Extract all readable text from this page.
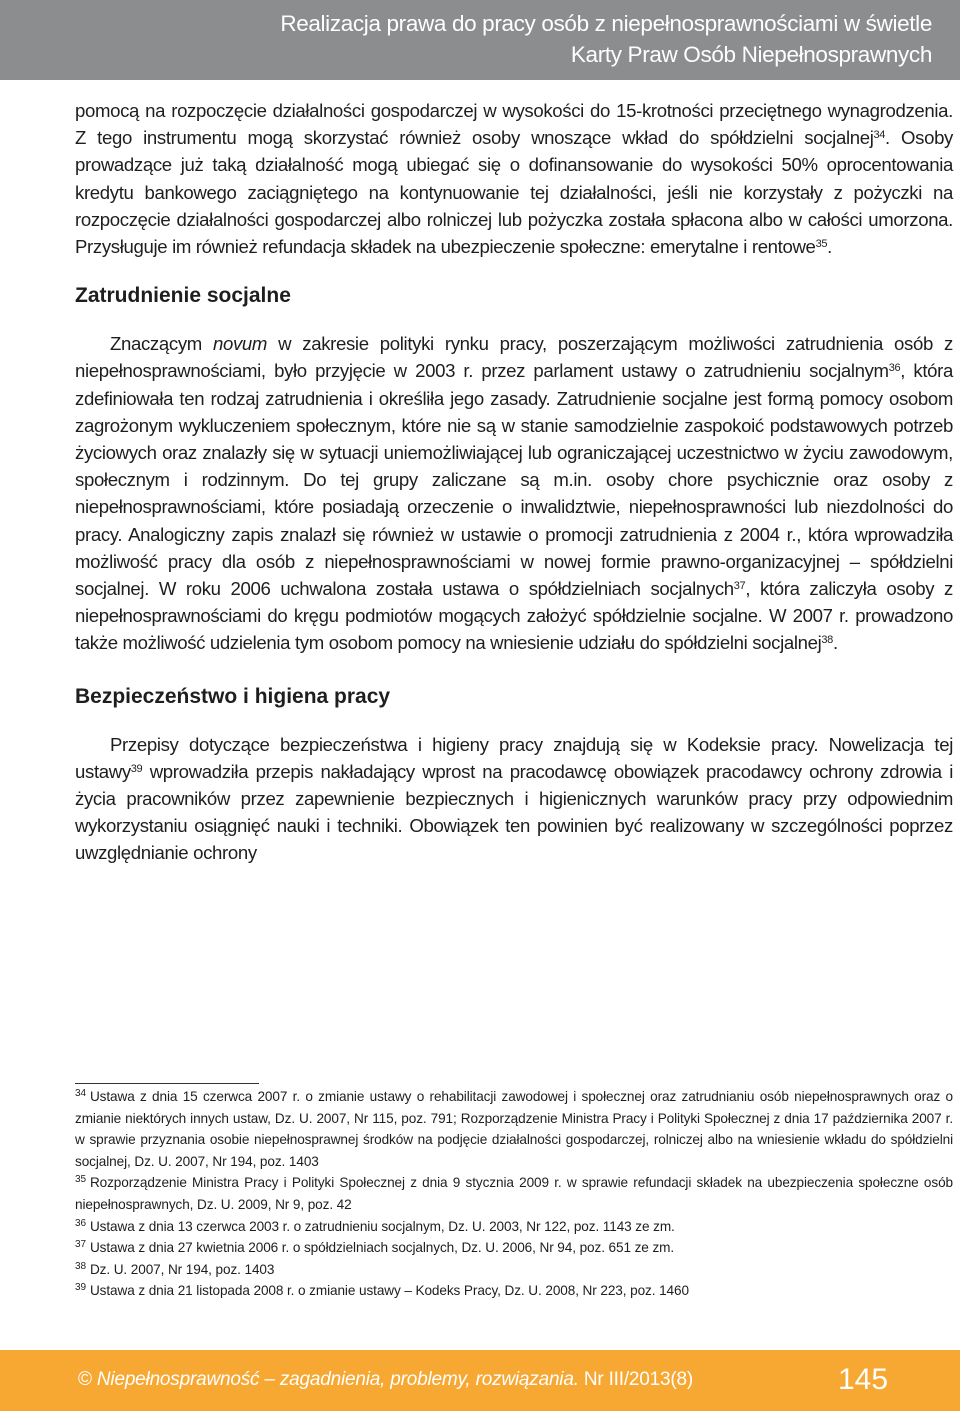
Realizacja prawa do pracy osób z niepełnosprawnościami w świetle
Karty Praw Osób Niepełnosprawnych

pomocą na rozpoczęcie działalności gospodarczej w wysokości do 15-krotności przeciętnego wynagrodzenia. Z tego instrumentu mogą skorzystać również osoby wnoszące wkład do spółdzielni socjalnej$^{34}$. Osoby prowadzące już taką działalność mogą ubiegać się o dofinansowanie do wysokości 50% oprocentowania kredytu bankowego zaciągniętego na kontynuowanie tej działalności, jeśli nie korzystały z pożyczki na rozpoczęcie działalności gospodarczej albo rolniczej lub pożyczka została spłacona albo w całości umorzona. Przysługuje im również refundacja składek na ubezpieczenie społeczne: emerytalne i rentowe$^{35}$.

Zatrudnienie socjalne

Znaczącym novum w zakresie polityki rynku pracy, poszerzającym możliwości zatrudnienia osób z niepełnosprawnościami, było przyjęcie w 2003 r. przez parlament ustawy o zatrudnieniu socjalnym$^{36}$, która zdefiniowała ten rodzaj zatrudnienia i określiła jego zasady. Zatrudnienie socjalne jest formą pomocy osobom zagrożonym wykluczeniem społecznym, które nie są w stanie samodzielnie zaspokoić podstawowych potrzeb życiowych oraz znalazły się w sytuacji uniemożliwiającej lub ograniczającej uczestnictwo w życiu zawodowym, społecznym i rodzinnym. Do tej grupy zaliczane są m.in. osoby chore psychicznie oraz osoby z niepełnosprawnościami, które posiadają orzeczenie o inwalidztwie, niepełnosprawności lub niezdolności do pracy. Analogiczny zapis znalazł się również w ustawie o promocji zatrudnienia z 2004 r., która wprowadziła możliwość pracy dla osób z niepełnosprawnościami w nowej formie prawno-organizacyjnej – spółdzielni socjalnej. W roku 2006 uchwalona została ustawa o spółdzielniach socjalnych$^{37}$, która zaliczyła osoby z niepełnosprawnościami do kręgu podmiotów mogących założyć spółdzielnie socjalne. W 2007 r. prowadzono także możliwość udzielenia tym osobom pomocy na wniesienie udziału do spółdzielni socjalnej$^{38}$.

Bezpieczeństwo i higiena pracy

Przepisy dotyczące bezpieczeństwa i higieny pracy znajdują się w Kodeksie pracy. Nowelizacja tej ustawy$^{39}$ wprowadziła przepis nakładający wprost na pracodawcę obowiązek pracodawcy ochrony zdrowia i życia pracowników przez zapewnienie bezpiecznych i higienicznych warunków pracy przy odpowiednim wykorzystaniu osiągnięć nauki i techniki. Obowiązek ten powinien być realizowany w szczególności poprzez uwzględnianie ochrony

$^{34}$ Ustawa z dnia 15 czerwca 2007 r. o zmianie ustawy o rehabilitacji zawodowej i społecznej oraz zatrudnianiu osób niepełnosprawnych oraz o zmianie niektórych innych ustaw, Dz. U. 2007, Nr 115, poz. 791; Rozporządzenie Ministra Pracy i Polityki Społecznej z dnia 17 października 2007 r. w sprawie przyznania osobie niepełnosprawnej środków na podjęcie działalności gospodarczej, rolniczej albo na wniesienie wkładu do spółdzielni socjalnej, Dz. U. 2007, Nr 194, poz. 1403

$^{35}$ Rozporządzenie Ministra Pracy i Polityki Społecznej z dnia 9 stycznia 2009 r. w sprawie refundacji składek na ubezpieczenia społeczne osób niepełnosprawnych, Dz. U. 2009, Nr 9, poz. 42

$^{36}$ Ustawa z dnia 13 czerwca 2003 r. o zatrudnieniu socjalnym, Dz. U. 2003, Nr 122, poz. 1143 ze zm.

$^{37}$ Ustawa z dnia 27 kwietnia 2006 r. o spółdzielniach socjalnych, Dz. U. 2006, Nr 94, poz. 651 ze zm.

$^{38}$ Dz. U. 2007, Nr 194, poz. 1403

$^{39}$ Ustawa z dnia 21 listopada 2008 r. o zmianie ustawy – Kodeks Pracy, Dz. U. 2008, Nr 223, poz. 1460

© Niepełnosprawność – zagadnienia, problemy, rozwiązania. Nr III/2013(8)	145
